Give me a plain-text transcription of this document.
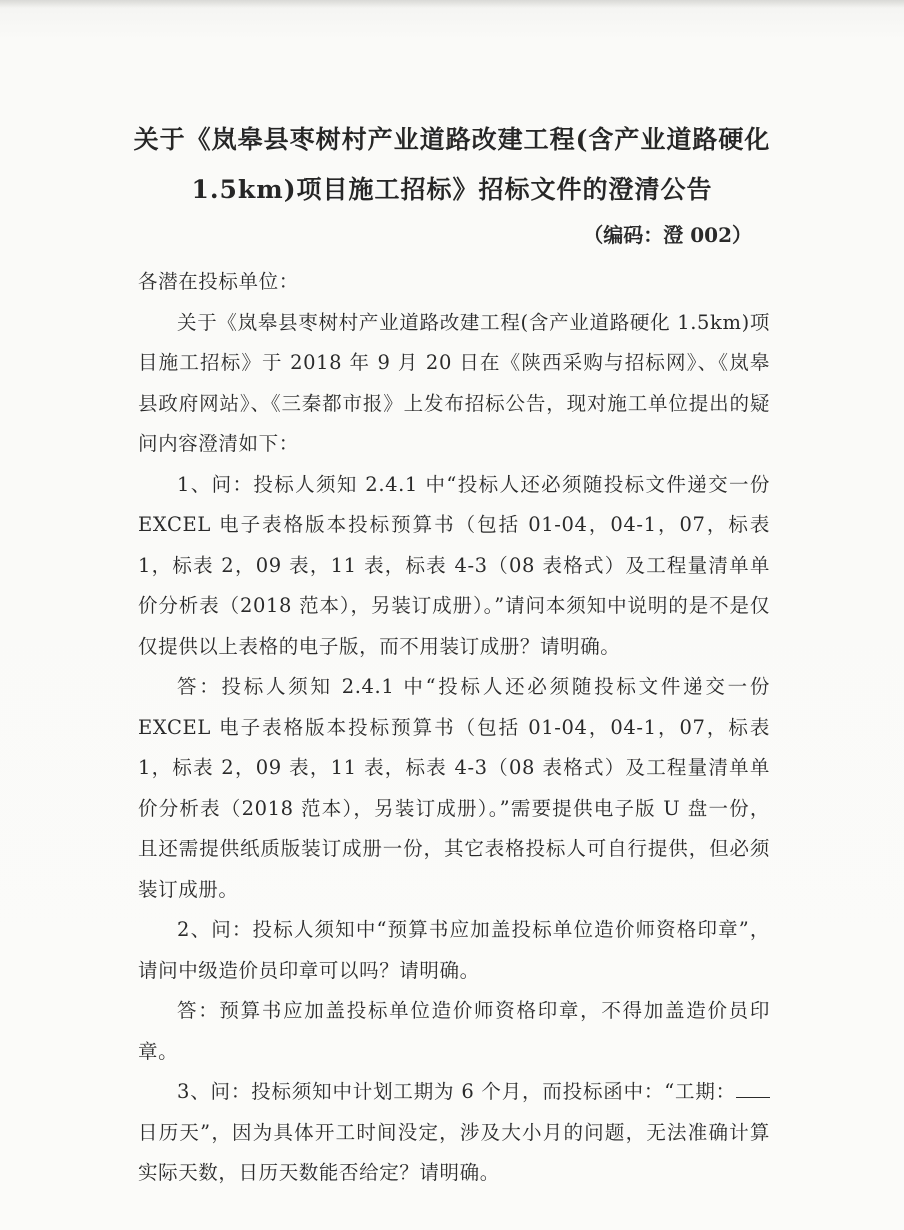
关于《岚皋县枣树村产业道路改建工程(含产业道路硬化
1.5km)项目施工招标》招标文件的澄清公告
（编码：澄 002）

各潜在投标单位：

关于《岚皋县枣树村产业道路改建工程(含产业道路硬化 1.5km)项目施工招标》于 2018 年 9 月 20 日在《陕西采购与招标网》、《岚皋县政府网站》、《三秦都市报》上发布招标公告，现对施工单位提出的疑问内容澄清如下：

1、问：投标人须知 2.4.1 中“投标人还必须随投标文件递交一份 EXCEL 电子表格版本投标预算书（包括 01-04，04-1，07，标表 1，标表 2，09 表，11 表，标表 4-3（08 表格式）及工程量清单单价分析表（2018 范本），另装订成册）。”请问本须知中说明的是不是仅仅提供以上表格的电子版，而不用装订成册？请明确。

答：投标人须知 2.4.1 中“投标人还必须随投标文件递交一份 EXCEL 电子表格版本投标预算书（包括 01-04，04-1，07，标表 1，标表 2，09 表，11 表，标表 4-3（08 表格式）及工程量清单单价分析表（2018 范本），另装订成册）。”需要提供电子版 U 盘一份，且还需提供纸质版装订成册一份，其它表格投标人可自行提供，但必须装订成册。

2、问：投标人须知中“预算书应加盖投标单位造价师资格印章”，请问中级造价员印章可以吗？请明确。

答：预算书应加盖投标单位造价师资格印章，不得加盖造价员印章。

3、问：投标须知中计划工期为 6 个月，而投标函中：“工期：日历天”，因为具体开工时间没定，涉及大小月的问题，无法准确计算实际天数，日历天数能否给定？请明确。
